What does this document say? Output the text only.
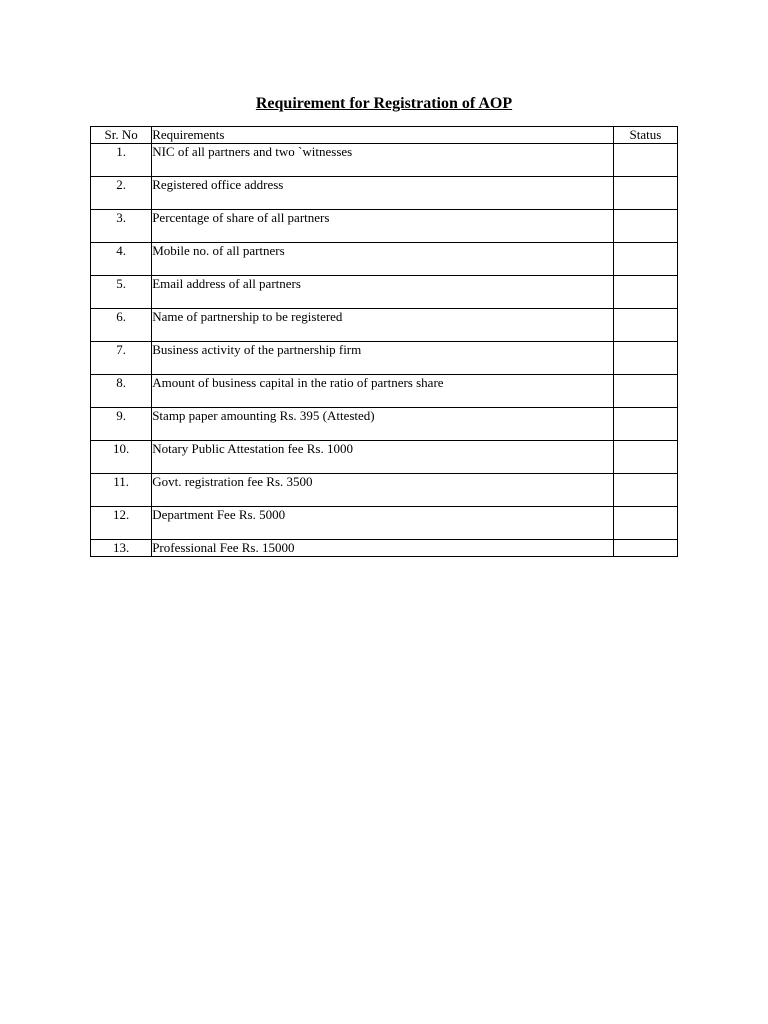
Requirement for Registration of AOP
Sr. No	Requirements	Status
1.	NIC of all partners and two `witnesses	
2.	Registered office address	
3.	Percentage of share of all partners	
4.	Mobile no. of all partners	
5.	Email address of all partners	
6.	Name of partnership to be registered	
7.	Business activity of the partnership firm	
8.	Amount of business capital in the ratio of partners share	
9.	Stamp paper amounting Rs. 395 (Attested)	
10.	Notary Public Attestation fee Rs. 1000	
11.	Govt. registration fee Rs. 3500	
12.	Department Fee Rs. 5000	
13.	Professional Fee Rs. 15000	
